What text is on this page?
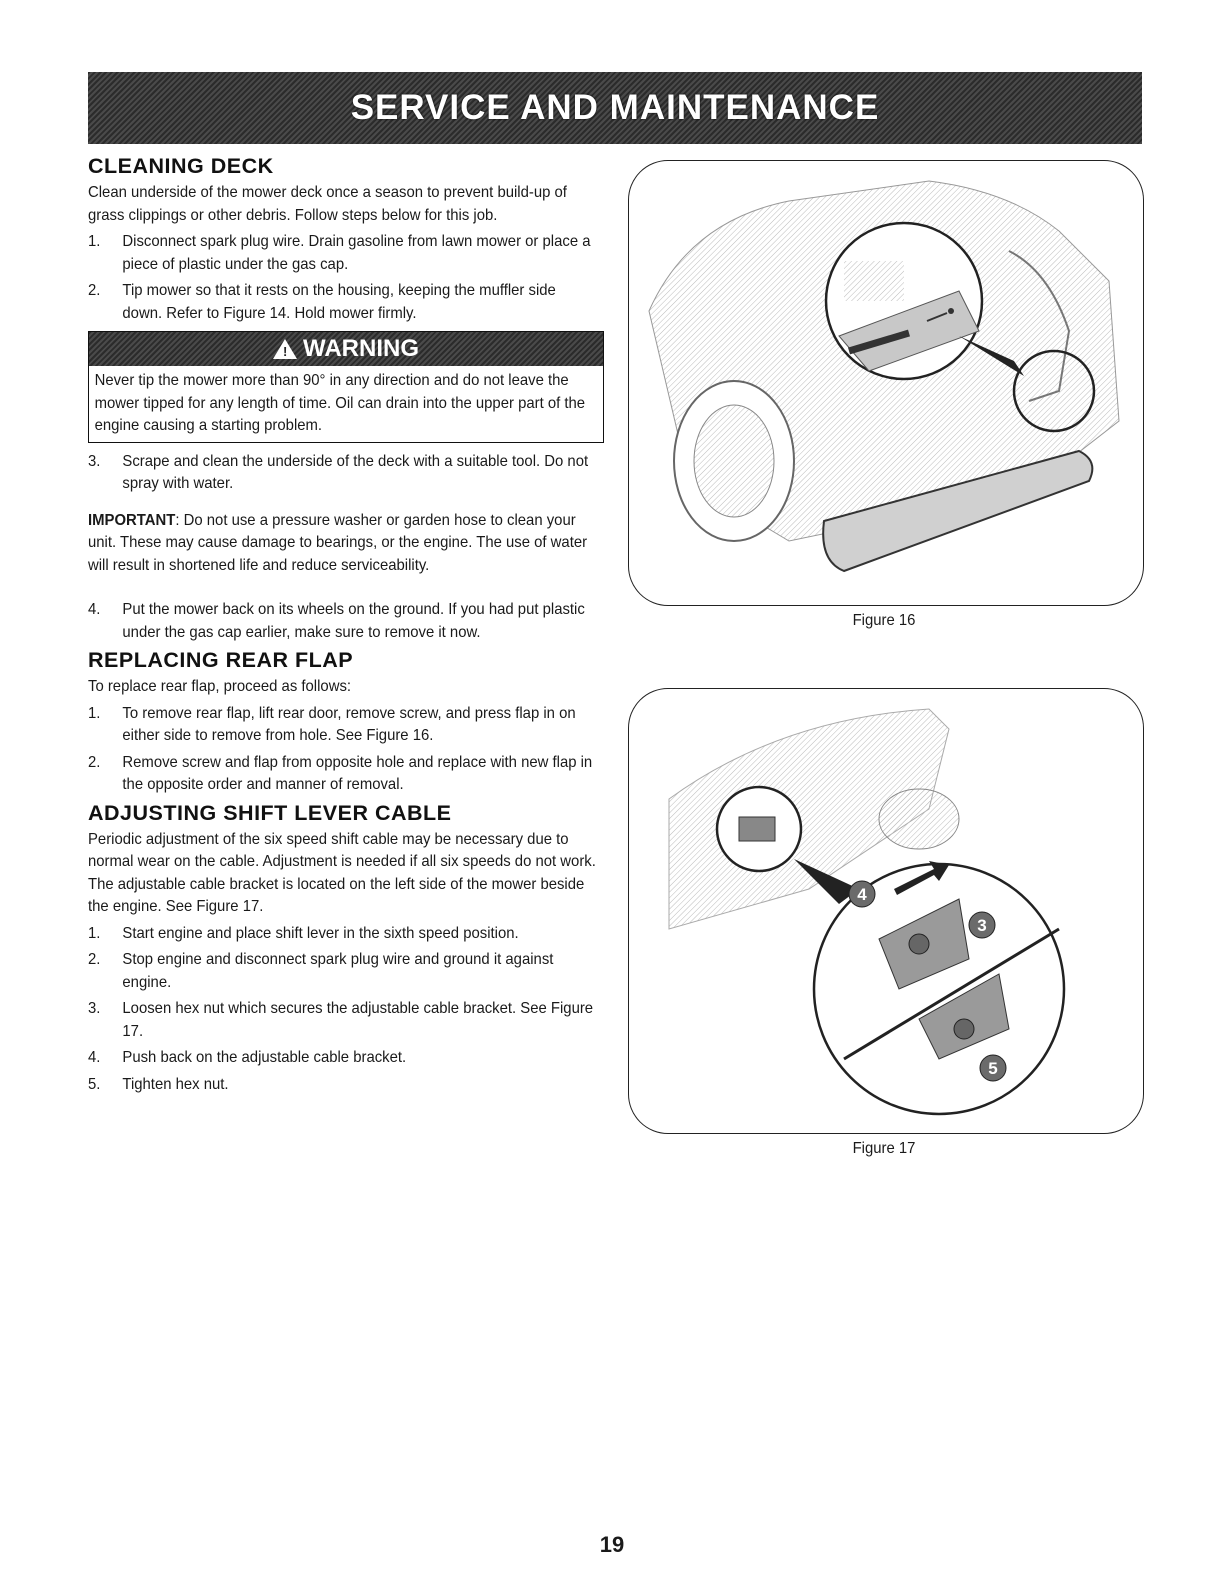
SERVICE AND MAINTENANCE
CLEANING DECK

Clean underside of the mower deck once a season to prevent build-up of grass clippings or other debris. Follow steps below for this job.

1.	Disconnect spark plug wire. Drain gasoline from lawn mower or place a piece of plastic under the gas cap.
2.	Tip mower so that it rests on the housing, keeping the muffler side down. Refer to Figure 14. Hold mower firmly.
! WARNING
Never tip the mower more than 90° in any direction and do not leave the mower tipped for any length of time. Oil can drain into the upper part of the engine causing a starting problem.
3.	Scrape and clean the underside of the deck with a suitable tool. Do not spray with water.

IMPORTANT: Do not use a pressure washer or garden hose to clean your unit. These may cause damage to bearings, or the engine. The use of water will result in shortened life and reduce serviceability.

4.	Put the mower back on its wheels on the ground. If you had put plastic under the gas cap earlier, make sure to remove it now.
REPLACING REAR FLAP

To replace rear flap, proceed as follows:

1.	To remove rear flap, lift rear door, remove screw, and press flap in on either side to remove from hole. See Figure 16.
2.	Remove screw and flap from opposite hole and replace with new flap in the opposite order and manner of removal.
ADJUSTING SHIFT LEVER CABLE

Periodic adjustment of the six speed shift cable may be necessary due to normal wear on the cable. Adjustment is needed if all six speeds do not work. The adjustable cable bracket is located on the left side of the mower beside the engine. See Figure 17.

1.	Start engine and place shift lever in the sixth speed position.
2.	Stop engine and disconnect spark plug wire and ground it against engine.
3.	Loosen hex nut which secures the adjustable cable bracket. See Figure 17.
4.	Push back on the adjustable cable bracket.
5.	Tighten hex nut.
Figure 16
4
3
5
Figure 17
19
